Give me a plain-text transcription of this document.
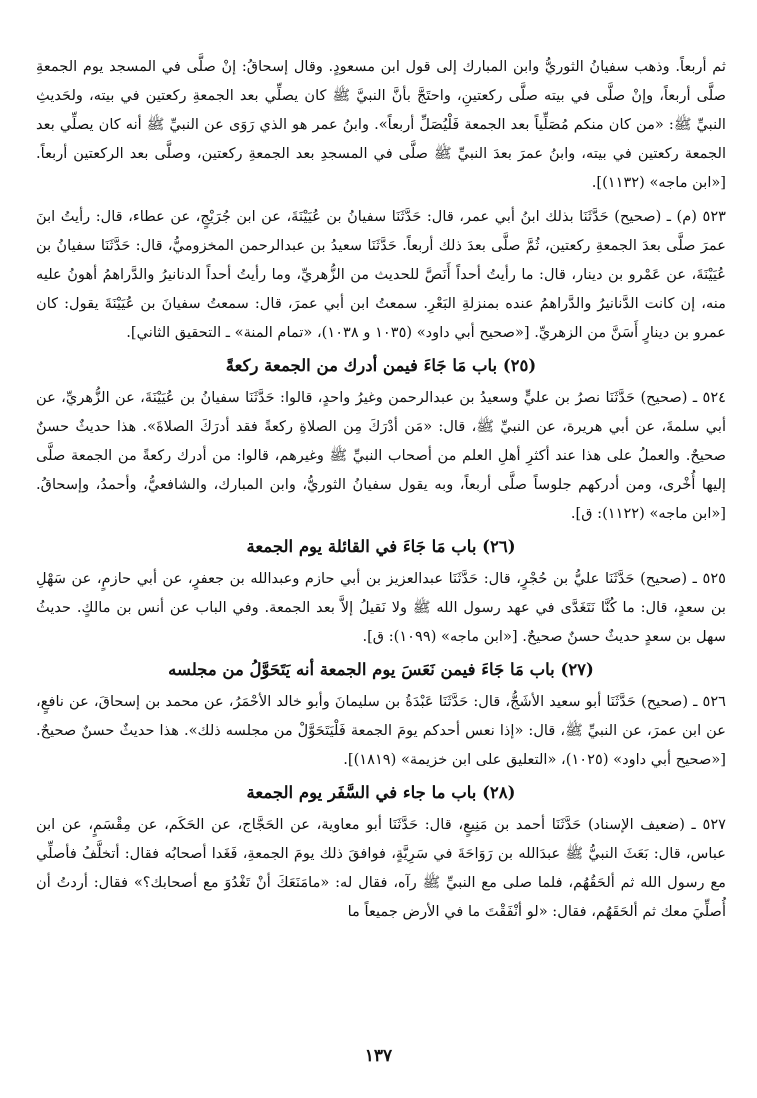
ثم أربعاً. وذهب سفيانُ الثوريُّ وابن المبارك إلى قول ابن مسعودٍ. وقال إسحاقُ: إنْ صلَّى في المسجد يوم الجمعةِ صلَّى أربعاً، وإنْ صلَّى في بيته صلَّى ركعتينِ، واحتَجَّ بأنَّ النبيَّ ﷺ كان يصلِّي بعد الجمعةِ ركعتين في بيته، ولحَديثِ النبيِّ ﷺ: «من كان منكم مُصَلِّياً بعد الجمعة فَلْيُصَلِّ أربعاً». وابنُ عمر هو الذي رَوَى عن النبيِّ ﷺ أنه كان يصلِّي بعد الجمعة ركعتين في بيته، وابنُ عمرَ بعدَ النبيِّ ﷺ صلَّى في المسجدِ بعد الجمعةِ ركعتين، وصلَّى بعد الركعتين أربعاً. [«ابن ماجه» (١١٣٢)].

٥٢٣ (م) ـ (صحيح) حَدَّثَنَا بذلك ابنُ أبي عمر، قال: حَدَّثَنَا سفيانُ بن عُيَيْنَةَ، عن ابن جُرَيْجٍ، عن عطاء، قال: رأيتُ ابنَ عمرَ صلَّى بعدَ الجمعةِ ركعتين، ثُمَّ صلَّى بعدَ ذلك أربعاً. حَدَّثَنَا سعيدُ بن عبدالرحمن المخزوميُّ، قال: حَدَّثَنَا سفيانُ بن عُيَيْنَةَ، عن عَمْرو بن دينار، قال: ما رأيتُ أحداً أَنَصَّ للحديث من الزُّهريِّ، وما رأيتُ أحداً الدنانيرُ والدَّراهمُ أهونُ عليه منه، إن كانت الدَّنانيرُ والدَّراهمُ عنده بمنزلةِ البَعْرِ. سمعتُ ابن أبي عمرَ، قال: سمعتُ سفيانَ بن عُيَيْنَةَ يقول: كان عمرو بن دينارٍ أَسَنَّ من الزهريِّ. [«صحيح أبي داود» (١٠٣٥ و ١٠٣٨)، «تمام المنة» ـ التحقيق الثاني].

(٢٥) باب مَا جَاءَ فيمن أدرك من الجمعة ركعةً

٥٢٤ ـ (صحيح) حَدَّثَنَا نصرُ بن عليٍّ وسعيدُ بن عبدالرحمن وغيرُ واحدٍ، قالوا: حَدَّثَنَا سفيانُ بن عُيَيْنَةَ، عن الزُّهريِّ، عن أبي سلمةَ، عن أبي هريرة، عن النبيِّ ﷺ، قال: «مَن أدْرَكَ مِن الصلاةِ ركعةً فقد أدرَكَ الصلاةَ». هذا حديثٌ حسنٌ صحيحٌ. والعملُ على هذا عند أكثرِ أهلِ العلم من أصحاب النبيِّ ﷺ وغيرهم، قالوا: من أدرك ركعةً من الجمعة صلَّى إليها أُخْرى، ومن أدركهم جلوساً صلَّى أربعاً، وبه يقول سفيانُ الثوريُّ، وابن المبارك، والشافعيُّ، وأحمدُ، وإسحاقُ. [«ابن ماجه» (١١٢٢): ق].

(٢٦) باب مَا جَاءَ في القائلة يوم الجمعة

٥٢٥ ـ (صحيح) حَدَّثَنَا عليُّ بن حُجْرٍ، قال: حَدَّثَنَا عبدالعزيز بن أبي حازم وعبدالله بن جعفرٍ، عن أبي حازمٍ، عن سَهْلِ بن سعدٍ، قال: ما كُنَّا نَتَغَدَّى في عهد رسول الله ﷺ ولا نَقيلُ إلاَّ بعد الجمعة. وفي الباب عن أنس بن مالكٍ. حديثُ سهل بن سعدٍ حديثٌ حسنٌ صحيحٌ. [«ابن ماجه» (١٠٩٩): ق].

(٢٧) باب مَا جَاءَ فيمن نَعَسَ يوم الجمعة أنه يَتَحَوَّلُ من مجلسه

٥٢٦ ـ (صحيح) حَدَّثَنَا أبو سعيد الأشَجُّ، قال: حَدَّثَنَا عَبْدَةُ بن سليمانَ وأبو خالد الأحْمَرُ، عن محمد بن إسحاقَ، عن نافعٍ، عن ابن عمرَ، عن النبيِّ ﷺ، قال: «إذا نعس أحدكم يومَ الجمعة فَلْيَتَحَوَّلْ من مجلسه ذلك». هذا حديثٌ حسنٌ صحيحٌ. [«صحيح أبي داود» (١٠٢٥)، «التعليق على ابن خزيمة» (١٨١٩)].

(٢٨) باب ما جاء في السَّفَر يوم الجمعة

٥٢٧ ـ (ضعيف الإسناد) حَدَّثَنَا أحمد بن مَنِيعٍ، قال: حَدَّثَنَا أبو معاوية، عن الحَجَّاج، عن الحَكَم، عن مِقْسَمٍ، عن ابن عباس، قال: بَعَثَ النبيُّ ﷺ عبدَالله بن رَوَاحَةَ في سَرِيَّةٍ، فوافقَ ذلك يومَ الجمعةِ، فَغَدا أصحابُه فقال: أتخلَّفُ فأصلِّي مع رسول الله ثم ألحَقُهُم، فلما صلى مع النبيِّ ﷺ رآه، فقال له: «مامَنَعَكَ أنْ تَغْدُوَ مع أصحابك؟» فقال: أردتُ أن أُصلِّيَ معك ثم ألحَقَهُم، فقال: «لو أنْفَقْتَ ما في الأرض جميعاً ما

١٣٧
